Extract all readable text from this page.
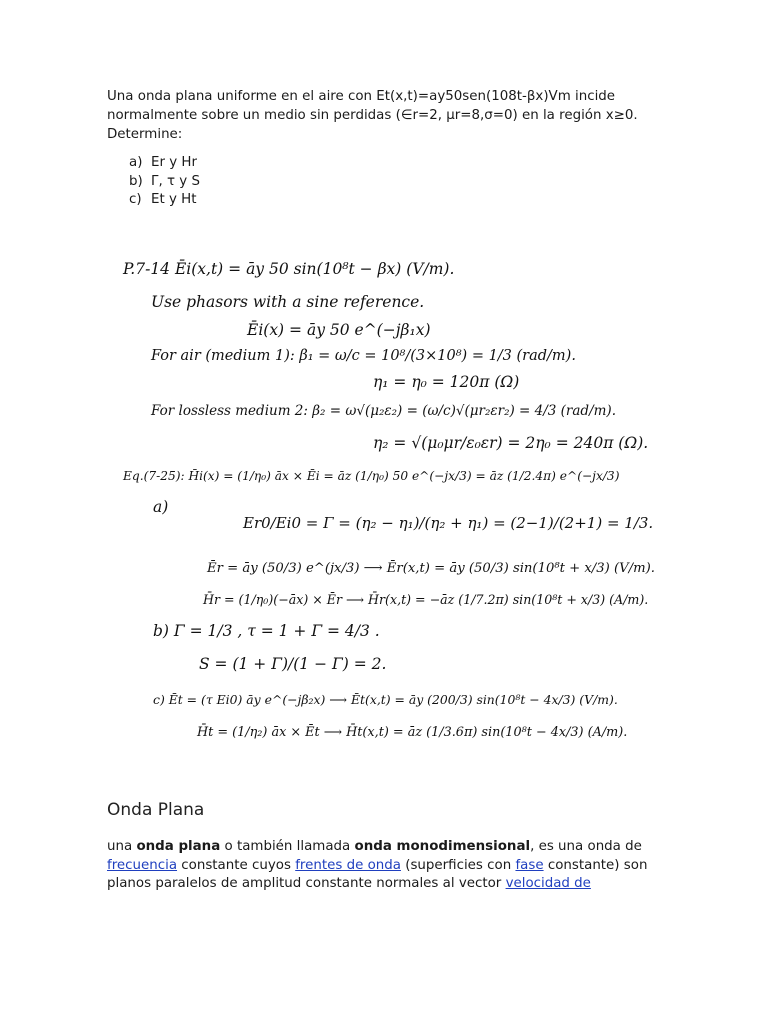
Una onda plana uniforme en el aire con Et(x,t)=ay50sen(108t-βx)Vm incide normalmente sobre un medio sin perdidas (∈r=2, μr=8,σ=0) en la región x≥0. Determine:

a) Er y Hr
b) Γ, τ y S
c) Et y Ht
P.7-14 Ēi(x,t) = āy 50 sin(10⁸t − βx) (V/m).
Use phasors with a sine reference.
Ēi(x) = āy 50 e^(−jβ₁x)
For air (medium 1): β₁ = ω/c = 10⁸/(3×10⁸) = 1/3 (rad/m).
η₁ = η₀ = 120π (Ω)
For lossless medium 2: β₂ = ω√(μ₂ε₂) = (ω/c)√(μr₂εr₂) = 4/3 (rad/m).
η₂ = √(μ₀μr/ε₀εr) = 2η₀ = 240π (Ω).
Eq.(7-25): H̄i(x) = (1/η₀) āx × Ēi = āz (1/η₀) 50 e^(−jx/3) = āz (1/2.4π) e^(−jx/3)
a)
Er0/Ei0 = Γ = (η₂ − η₁)/(η₂ + η₁) = (2−1)/(2+1) = 1/3.
Ēr = āy (50/3) e^(jx/3) ⟶ Ēr(x,t) = āy (50/3) sin(10⁸t + x/3) (V/m).
H̄r = (1/η₀)(−āx) × Ēr ⟶ H̄r(x,t) = −āz (1/7.2π) sin(10⁸t + x/3) (A/m).
b) Γ = 1/3 , τ = 1 + Γ = 4/3 .
S = (1 + Γ)/(1 − Γ) = 2.
c) Ēt = (τ Ei0) āy e^(−jβ₂x) ⟶ Ēt(x,t) = āy (200/3) sin(10⁸t − 4x/3) (V/m).
H̄t = (1/η₂) āx × Ēt ⟶ H̄t(x,t) = āz (1/3.6π) sin(10⁸t − 4x/3) (A/m).
Onda Plana

una onda plana o también llamada onda monodimensional, es una onda de frecuencia constante cuyos frentes de onda (superficies con fase constante) son planos paralelos de amplitud constante normales al vector velocidad de
